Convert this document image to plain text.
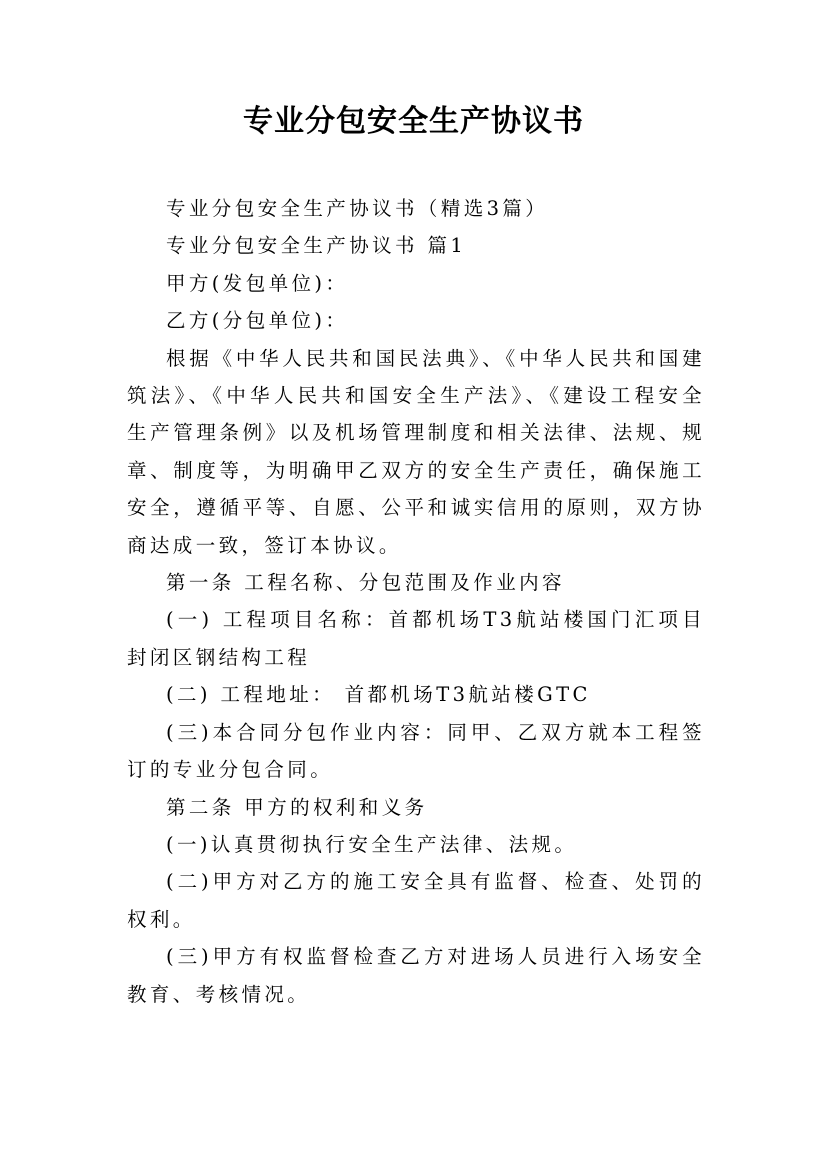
专业分包安全生产协议书

专业分包安全生产协议书（精选3篇）

专业分包安全生产协议书 篇1

甲方(发包单位)：

乙方(分包单位)：

根据《中华人民共和国民法典》、《中华人民共和国建筑法》、《中华人民共和国安全生产法》、《建设工程安全生产管理条例》以及机场管理制度和相关法律、法规、规章、制度等，为明确甲乙双方的安全生产责任，确保施工安全，遵循平等、自愿、公平和诚实信用的原则，双方协商达成一致，签订本协议。

第一条 工程名称、分包范围及作业内容

(一) 工程项目名称：首都机场T3航站楼国门汇项目封闭区钢结构工程

(二) 工程地址： 首都机场T3航站楼GTC

(三)本合同分包作业内容：同甲、乙双方就本工程签订的专业分包合同。

第二条 甲方的权利和义务

(一)认真贯彻执行安全生产法律、法规。

(二)甲方对乙方的施工安全具有监督、检查、处罚的权利。

(三)甲方有权监督检查乙方对进场人员进行入场安全教育、考核情况。
